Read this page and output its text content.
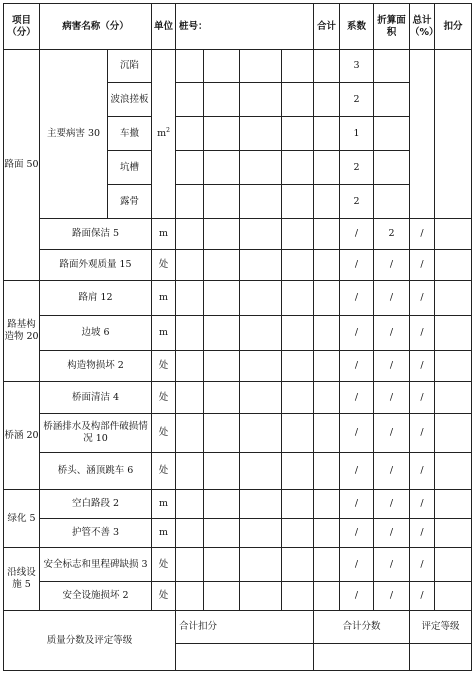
项目（分）	病害名称（分）		单位	桩号：				合计	系数	折算面积	总计（%）	扣分
路面 50	主要病害 30	沉陷	$m^2$						3			
		波浪搓板							2			
		车撤							1			
		坑槽							2			
		露骨							2			
	路面保洁 5		m						/	2	/	
	路面外观质量 15		处						/	/	/	
路基构造物 20	路肩 12		m						/	/	/	
	边坡 6		m						/	/	/	
	构造物损坏 2		处						/	/	/	
桥涵 20	桥面清洁 4		处						/	/	/	
	桥涵排水及构部件破损情况 10		处						/	/	/	
	桥头、涵顶跳车 6		处						/	/	/	
绿化 5	空白路段 2		m						/	/	/	
	护管不善 3		m						/	/	/	
沿线设施 5	安全标志和里程碑缺损 3		处						/	/	/	
	安全设施损坏 2		处						/	/	/	
质量分数及评定等级				合计扣分				合计分数			评定等级	
